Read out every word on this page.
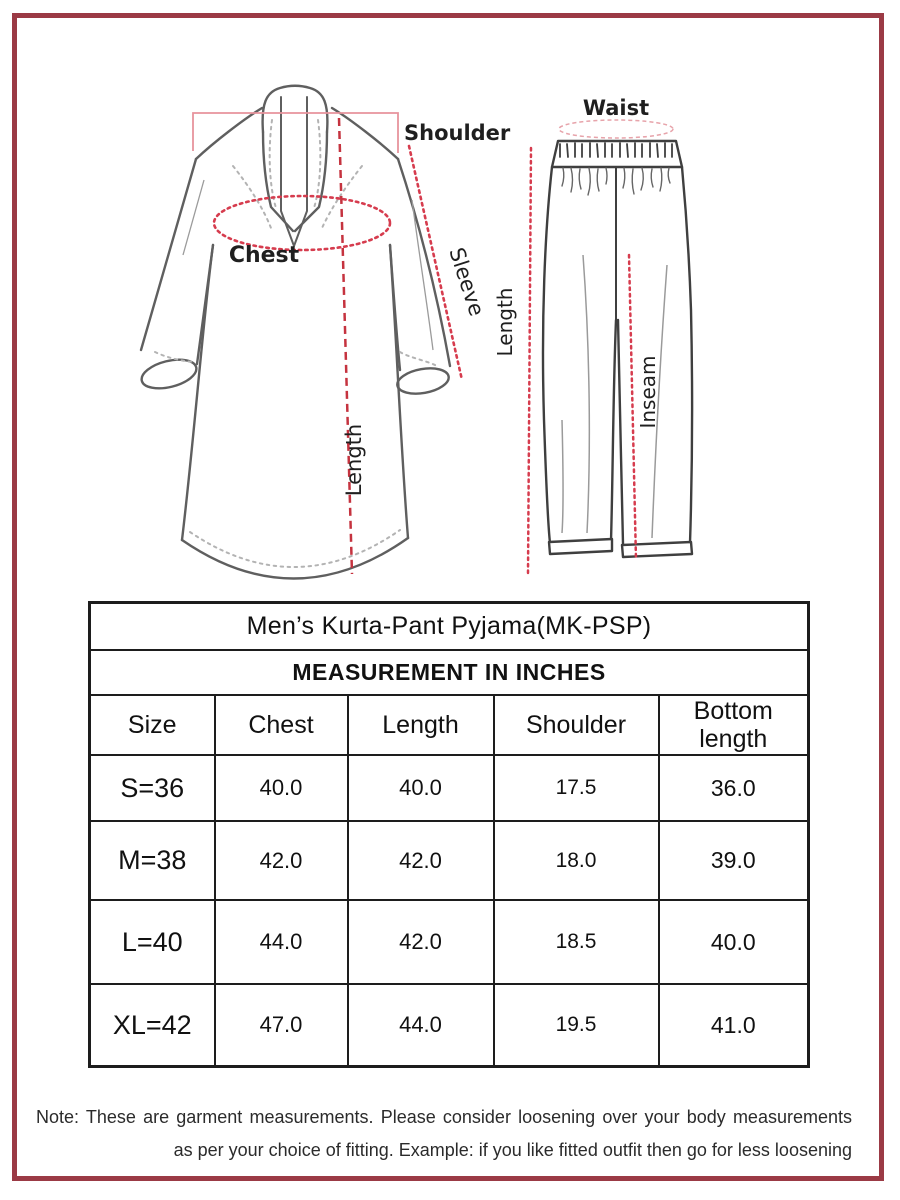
Shoulder
Chest	Sleeve
Length
Waist
Length
Inseam
Men’s Kurta-Pant Pyjama(MK-PSP)				
MEASUREMENT IN INCHES				
Size	Chest	Length	Shoulder	Bottom length
S=36	40.0	40.0	17.5	36.0
M=38	42.0	42.0	18.0	39.0
L=40	44.0	42.0	18.5	40.0
XL=42	47.0	44.0	19.5	41.0
Note: These are garment measurements. Please consider loosening over your body measurements
as per your choice of fitting. Example: if you like fitted outfit then go for less loosening
